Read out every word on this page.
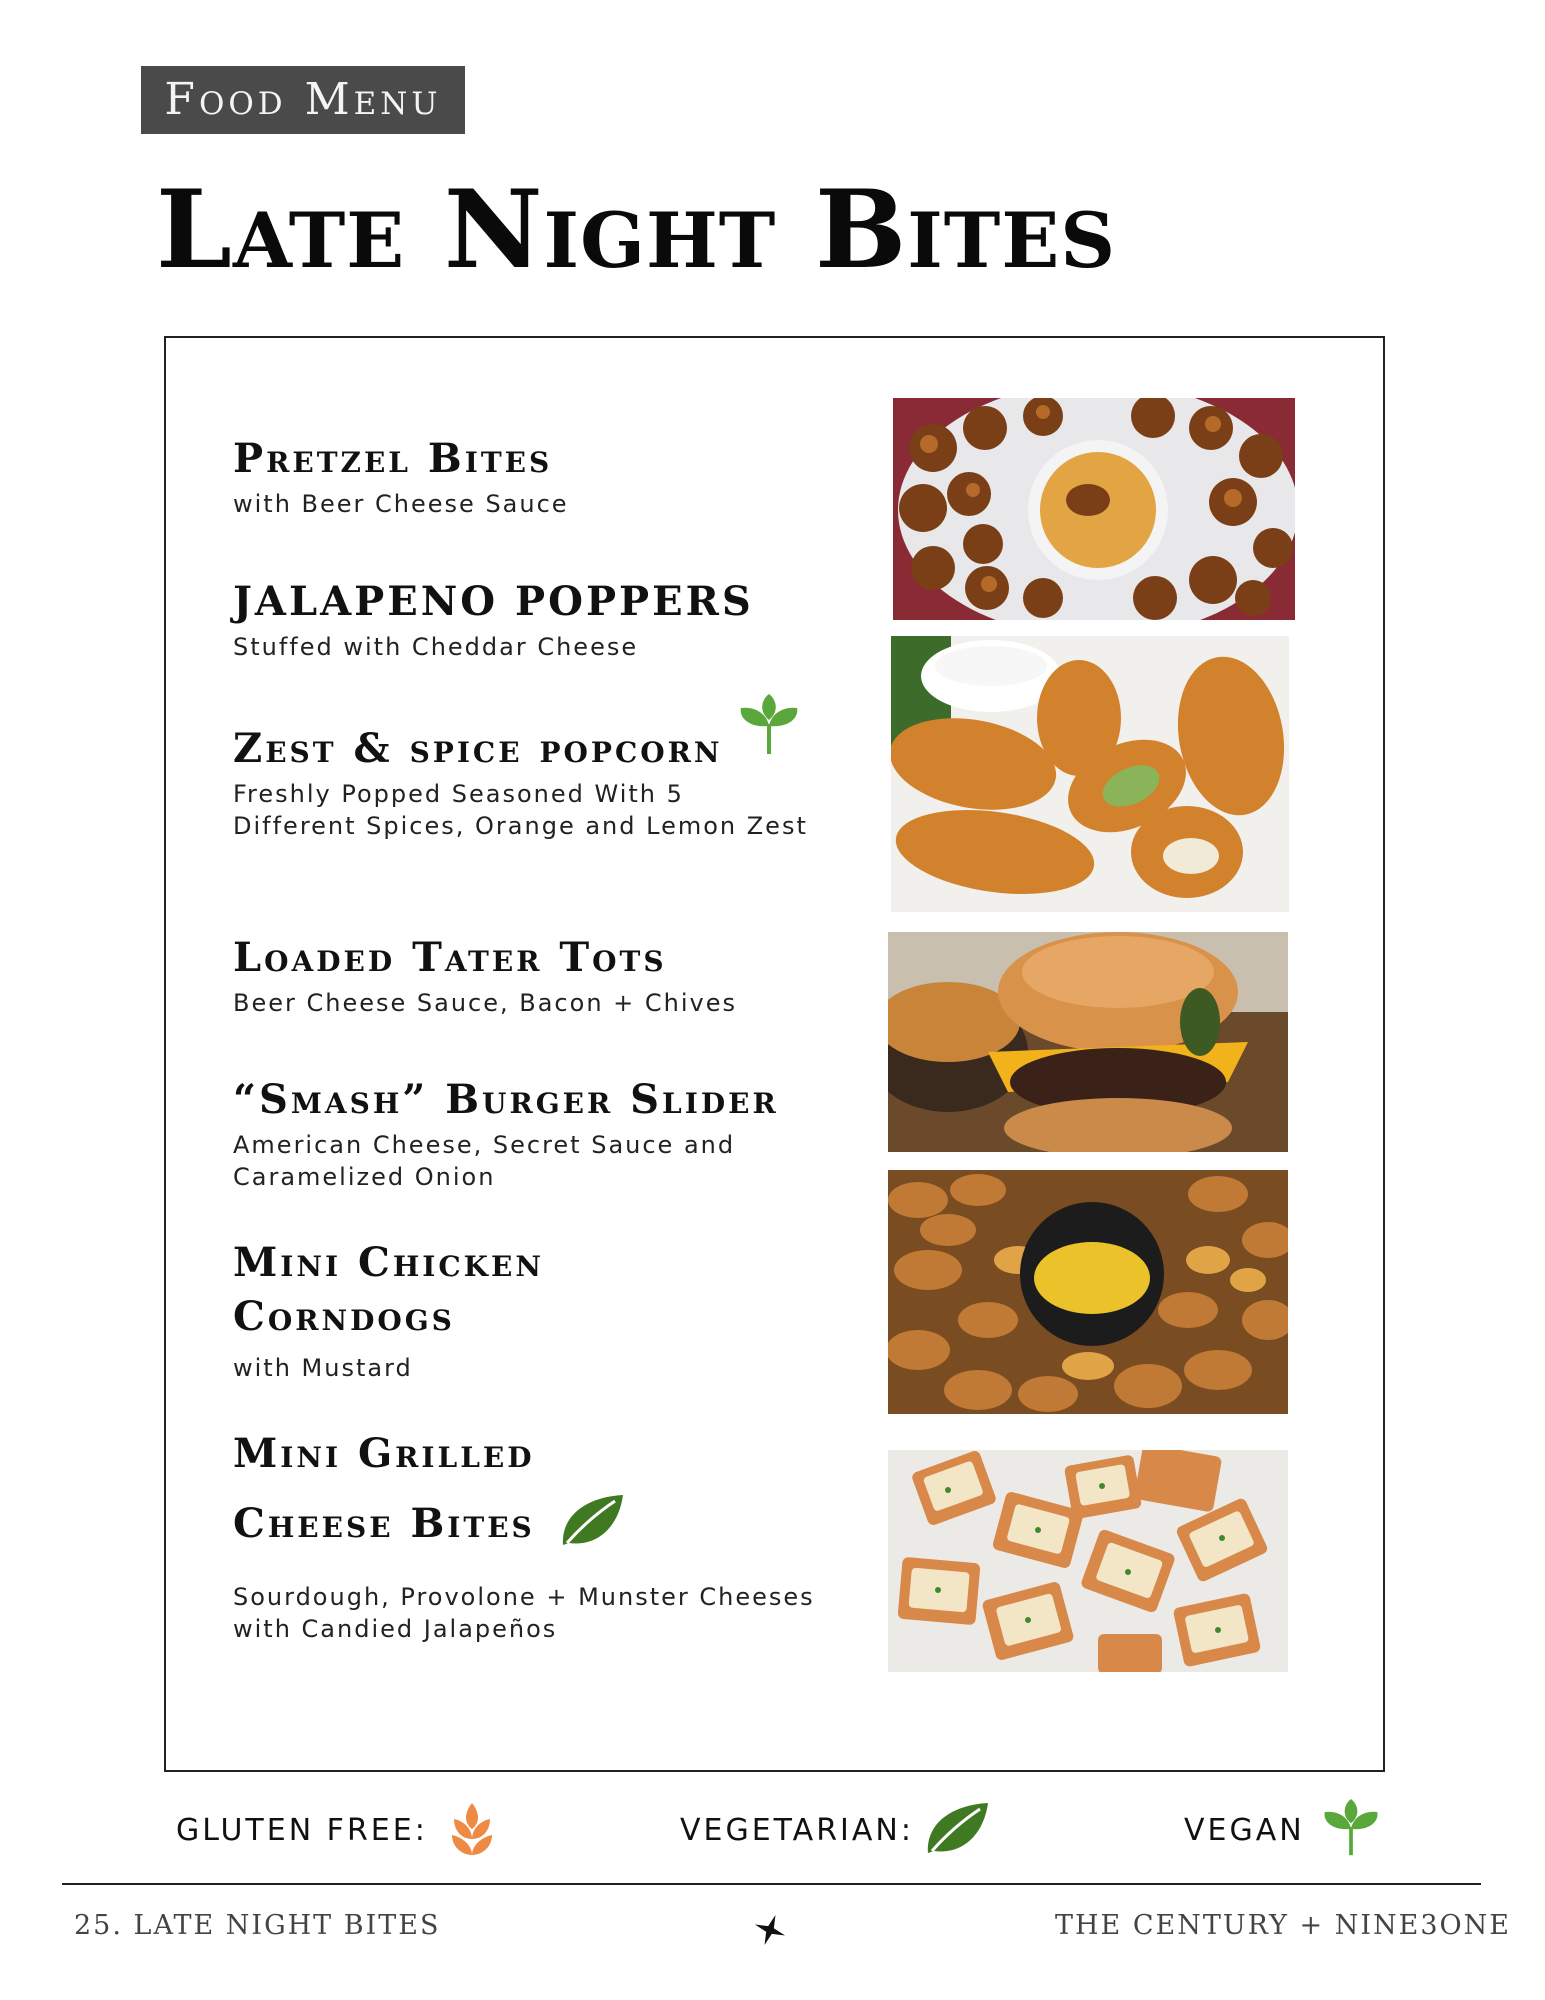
Food Menu
Late Night Bites
Pretzel Bites
with Beer Cheese Sauce
JALAPENO POPPERS
Stuffed with Cheddar Cheese
Zest & spice popcorn
Freshly Popped Seasoned With 5
Different Spices, Orange and Lemon Zest
Loaded Tater Tots
Beer Cheese Sauce, Bacon + Chives
“Smash” Burger Slider
American Cheese, Secret Sauce and
Caramelized Onion
Mini Chicken
Corndogs
with Mustard
Mini Grilled
Cheese Bites
Sourdough, Provolone + Munster Cheeses
with Candied Jalapeños
GLUTEN FREE:	VEGETARIAN:	VEGAN
25. LATE NIGHT BITES	THE CENTURY + NINE3ONE
